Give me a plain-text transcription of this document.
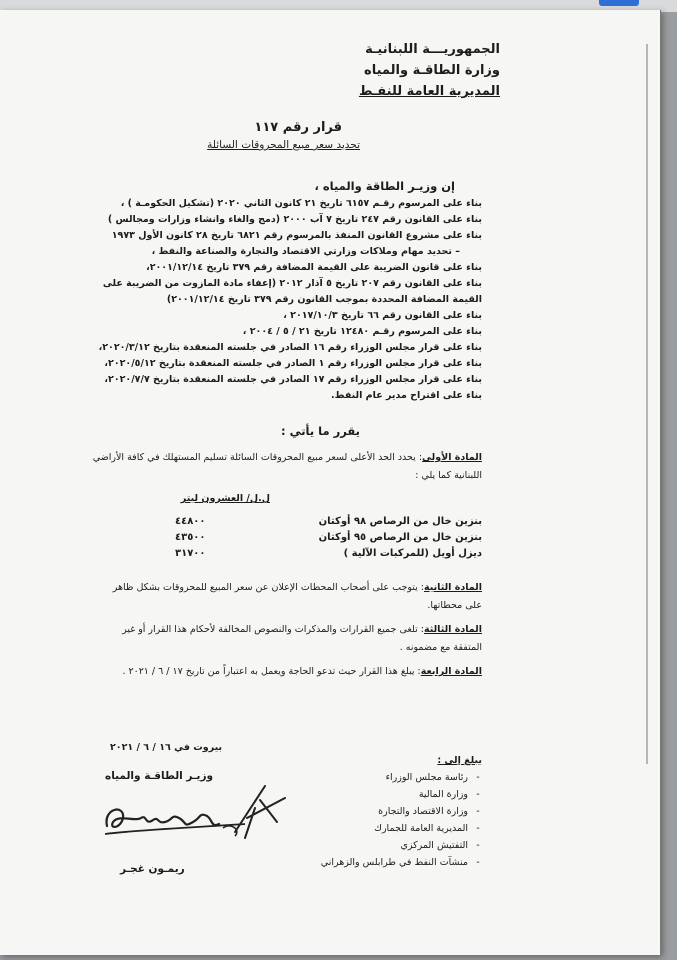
الجمهوريـــة اللبنانيـة
وزارة الطاقـة والمياه
المديرية العامة للنفـط
قرار رقم ١١٧
تحديد سعر مبيع المحروقات السائلة
إن وزيـر الطاقة والمياه ،
بناء على المرسوم رقـم ٦١٥٧ تاريخ ٢١ كانون الثاني ٢٠٢٠ (تشكيل الحكومـة ) ،
بناء على القانون رقم ٢٤٧ تاريخ ٧ آب ٢٠٠٠ (دمج والغاء وانشاء وزارات ومجالس )
بناء على مشروع القانون المنفذ بالمرسوم رقم ٦٨٢١ تاريخ ٢٨ كانون الأول ١٩٧٣
– تحديد مهام وملاكات وزارتي الاقتصاد والتجارة والصناعة والنفط ،
بناء على قانون الضريبة على القيمة المضافة رقم ٣٧٩ تاريخ ٢٠٠١/١٢/١٤،
بناء على القانون رقم ٢٠٧ تاريخ ٥ آذار ٢٠١٢ (إعفاء مادة المازوت من الضريبة على
القيمة المضافة المحددة بموجب القانون رقم ٣٧٩ تاريخ ٢٠٠١/١٢/١٤)
بناء على القانون رقم ٦٦ تاريخ ٢٠١٧/١٠/٣ ،
بناء على المرسوم رقـم ١٢٤٨٠ تاريخ ٢١ / ٥ / ٢٠٠٤ ،
بناء على قرار مجلس الوزراء رقم ١٦ الصادر في جلسته المنعقدة بتاريخ ٢٠٢٠/٣/١٢،
بناء على قرار مجلس الوزراء رقم ١ الصادر في جلسته المنعقدة بتاريخ ٢٠٢٠/٥/١٢،
بناء على قرار مجلس الوزراء رقم ١٧ الصادر في جلسته المنعقدة بتاريخ ٢٠٢٠/٧/٧،
بناء على اقتراح مدير عام النفط.
يقرر ما يأتي :
المادة الأولى: يحدد الحد الأعلى لسعر مبيع المحروقات السائلة تسليم المستهلك في كافة الأراضي
اللبنانية كما يلي :
ل.ل/ العشرون ليتر
بنزين خال من الرصاص ٩٨ أوكتان
٤٤٨٠٠
بنزين خال من الرصاص ٩٥ أوكتان
٤٣٥٠٠
ديزل أويل (للمركبات الآلية )
٣١٧٠٠
المادة الثانية: يتوجب على أصحاب المحطات الإعلان عن سعر المبيع للمحروقات بشكل ظاهر
على محطاتها.
المادة الثالثة: تلغى جميع القرارات والمذكرات والنصوص المخالفة لأحكام هذا القرار أو غير
المتفقة مع مضمونه .
المادة الرابعة: يبلغ هذا القرار حيث تدعو الحاجة ويعمل به اعتباراً من تاريخ ١٧ / ٦ / ٢٠٢١ .
بيروت في ١٦ / ٦ / ٢٠٢١
وزيـر الطاقـة والمياه
ريمـون غجـر
يبلغ إلى :
-رئاسة مجلس الوزراء
-وزارة المالية
-وزارة الاقتصاد والتجارة
-المديرية العامة للجمارك
-التفتيش المركزي
-منشآت النفط في طرابلس والزهراني
